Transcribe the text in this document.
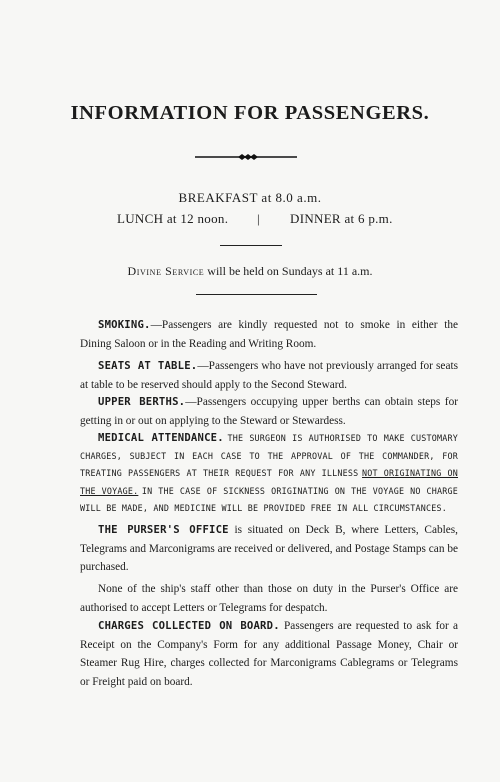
INFORMATION FOR PASSENGERS.
BREAKFAST at 8.0 a.m.
LUNCH at 12 noon. | DINNER at 6 p.m.
Divine Service will be held on Sundays at 11 a.m.
SMOKING.—Passengers are kindly requested not to smoke in either the Dining Saloon or in the Reading and Writing Room.
SEATS AT TABLE.—Passengers who have not previously arranged for seats at table to be reserved should apply to the Second Steward.
UPPER BERTHS.—Passengers occupying upper berths can obtain steps for getting in or out on applying to the Steward or Stewardess.
MEDICAL ATTENDANCE. THE SURGEON IS AUTHORISED TO MAKE CUSTOMARY CHARGES, SUBJECT IN EACH CASE TO THE APPROVAL OF THE COMMANDER, FOR TREATING PASSENGERS AT THEIR REQUEST FOR ANY ILLNESS NOT ORIGINATING ON THE VOYAGE. IN THE CASE OF SICKNESS ORIGINATING ON THE VOYAGE NO CHARGE WILL BE MADE, AND MEDICINE WILL BE PROVIDED FREE IN ALL CIRCUMSTANCES.
THE PURSER'S OFFICE is situated on Deck B, where Letters, Cables, Telegrams and Marconigrams are received or delivered, and Postage Stamps can be purchased.
None of the ship's staff other than those on duty in the Purser's Office are authorised to accept Letters or Telegrams for despatch.
CHARGES COLLECTED ON BOARD. Passengers are requested to ask for a Receipt on the Company's Form for any additional Passage Money, Chair or Steamer Rug Hire, charges collected for Marconigrams Cablegrams or Telegrams or Freight paid on board.
